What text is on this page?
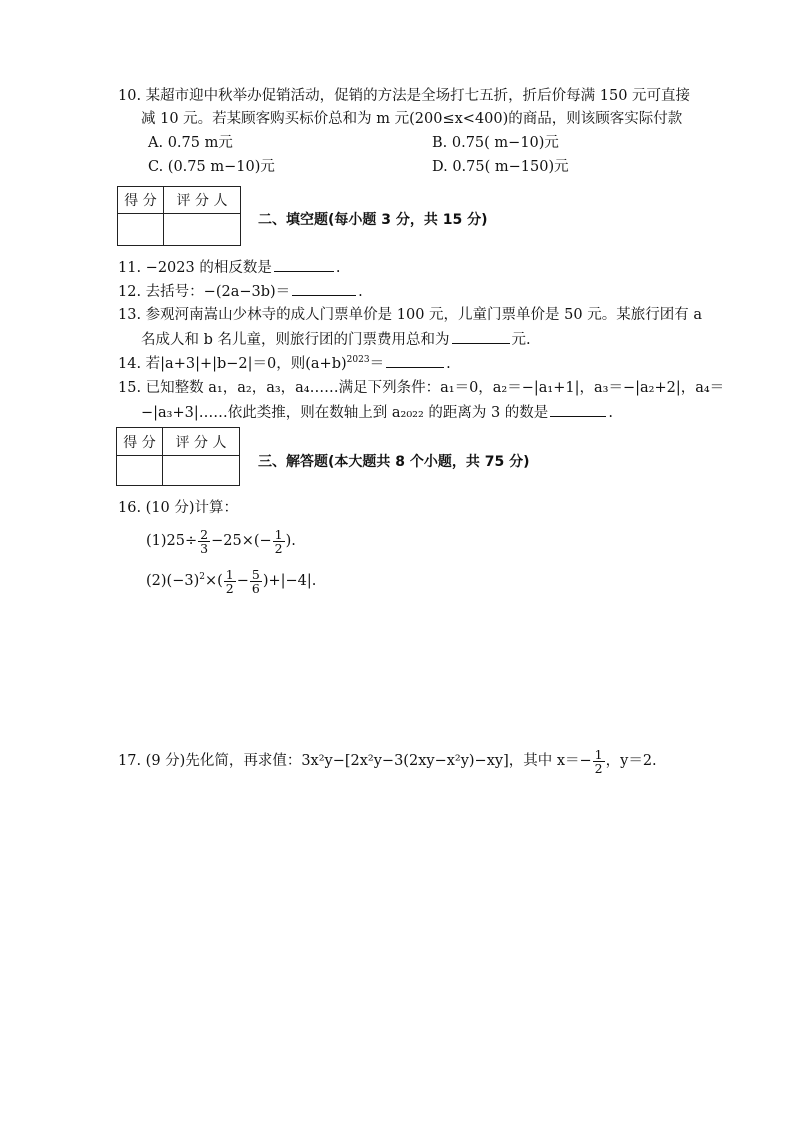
10. 某超市迎中秋举办促销活动，促销的方法是全场打七五折，折后价每满 150 元可直接
减 10 元。若某顾客购买标价总和为 m 元(200≤x<400)的商品，则该顾客实际付款
A. 0.75 m元	B. 0.75( m−10)元
C. (0.75 m−10)元	D. 0.75( m−150)元
得 分	评 分 人

二、填空题(每小题 3 分，共 15 分)
11. −2023 的相反数是	.
12. 去括号：−(2a−3b)＝	.
13. 参观河南嵩山少林寺的成人门票单价是 100 元，儿童门票单价是 50 元。某旅行团有 a
名成人和 b 名儿童，则旅行团的门票费用总和为	元.
14. 若|a+3|+|b−2|＝0，则$(a+b)^{2023}=$	.
15. 已知整数 a₁，a₂，a₃，a₄……满足下列条件：a₁＝0，a₂＝−|a₁+1|，a₃＝−|a₂+2|，a₄＝
−|a₃+3|……依此类推，则在数轴上到 a₂₀₂₂ 的距离为 3 的数是	.
得 分	评 分 人

三、解答题(本大题共 8 个小题，共 75 分)
16. (10 分)计算：
$(1)25\div \frac{2}{3} -25\times(- \frac{1}{2}$ ).
$(2)(-3)^2\times( \frac{1}{2} - \frac{5}{6} )+|-4|$.
17. (9 分)先化简，再求值：3x²y−[2x²y−3(2xy−x²y)−xy]，其中 $x=- \frac{1}{2}$ ，y＝2.
